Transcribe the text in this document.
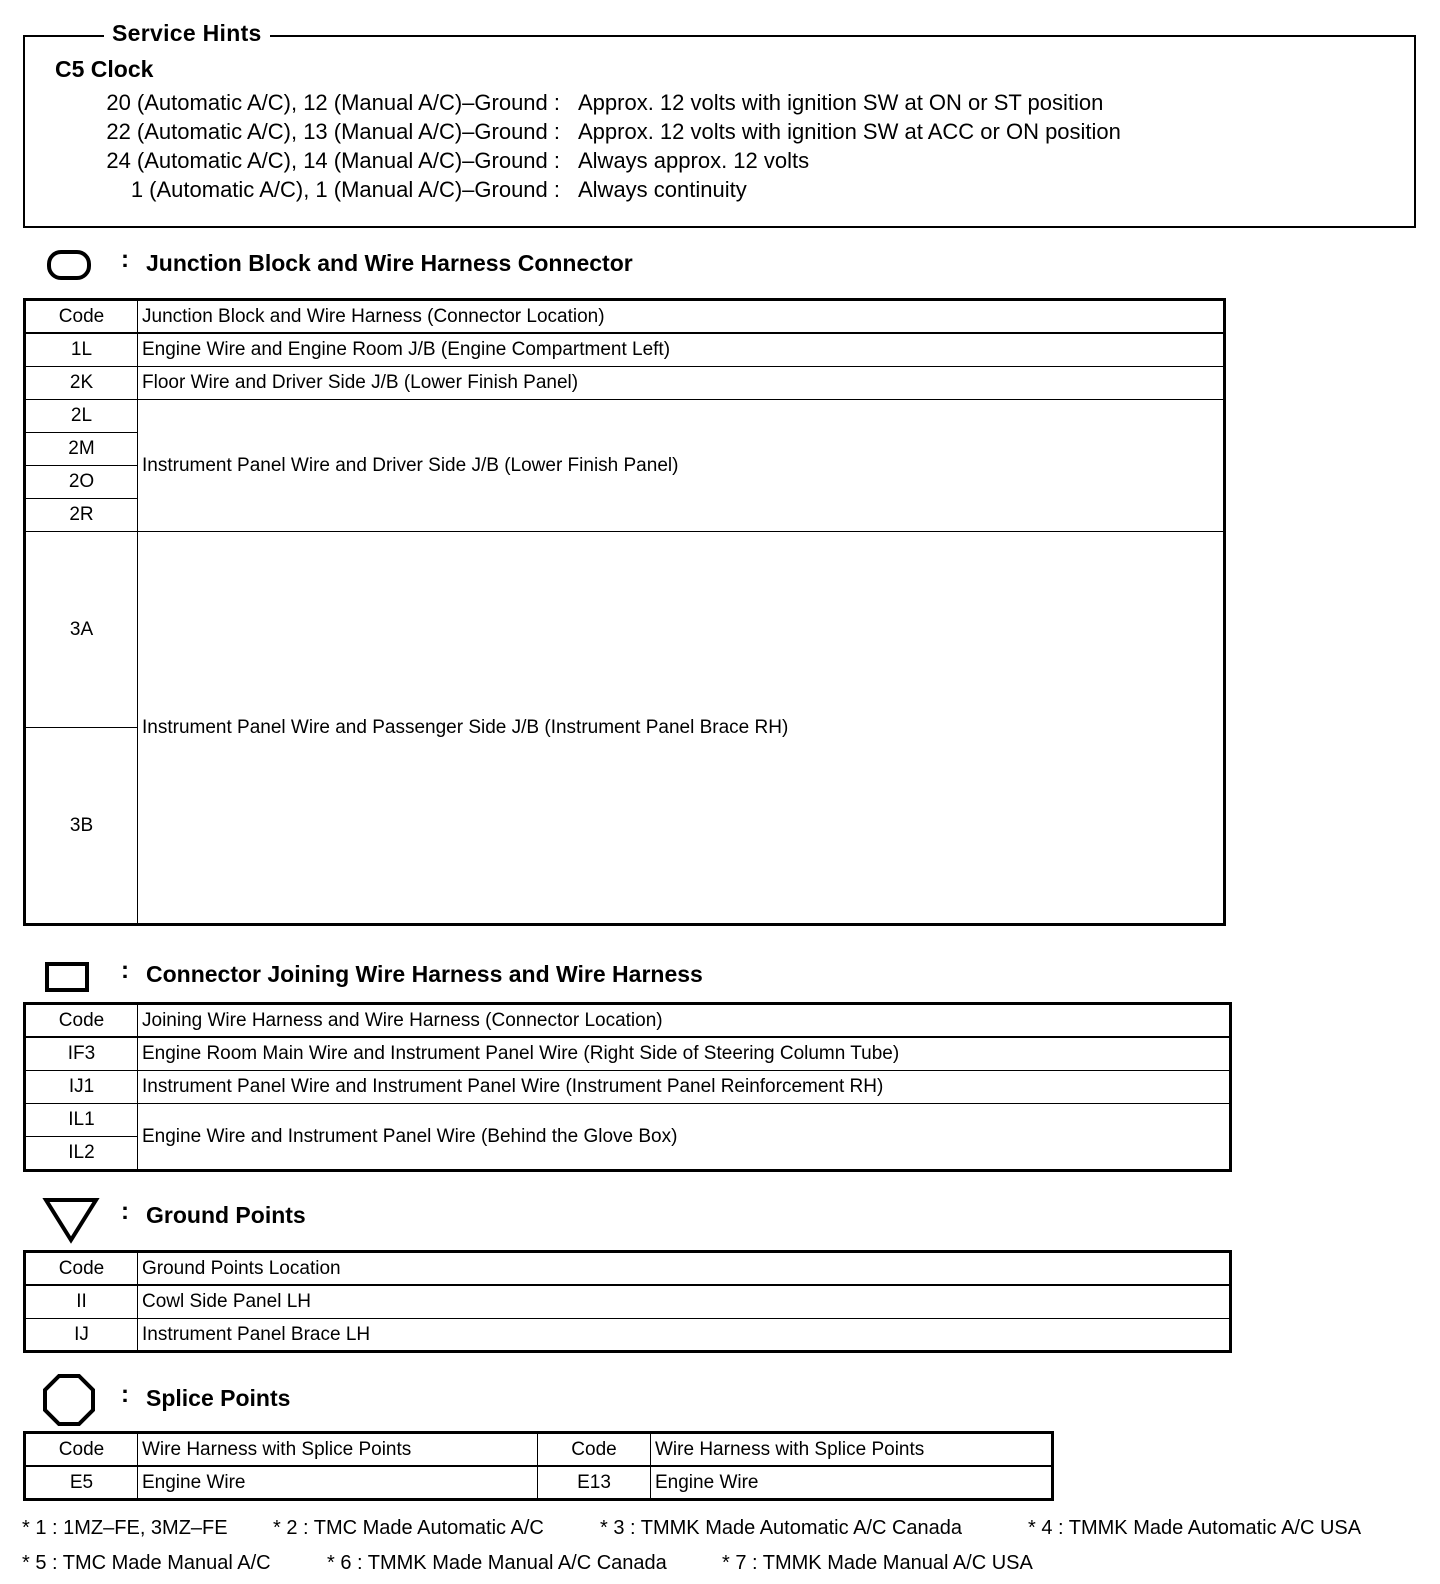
Service Hints
C5 Clock
20 (Automatic A/C), 12 (Manual A/C)–Ground : Approx. 12 volts with ignition SW at ON or ST position
22 (Automatic A/C), 13 (Manual A/C)–Ground : Approx. 12 volts with ignition SW at ACC or ON position
24 (Automatic A/C), 14 (Manual A/C)–Ground : Always approx. 12 volts
1 (Automatic A/C), 1 (Manual A/C)–Ground : Always continuity
: Junction Block and Wire Harness Connector
Code	Junction Block and Wire Harness (Connector Location)
1L	Engine Wire and Engine Room J/B (Engine Compartment Left)
2K	Floor Wire and Driver Side J/B (Lower Finish Panel)
2L	Instrument Panel Wire and Driver Side J/B (Lower Finish Panel)
2M	
2O	
2R	
3A	Instrument Panel Wire and Passenger Side J/B (Instrument Panel Brace RH)
3B	
: Connector Joining Wire Harness and Wire Harness
Code	Joining Wire Harness and Wire Harness (Connector Location)
IF3	Engine Room Main Wire and Instrument Panel Wire (Right Side of Steering Column Tube)
IJ1	Instrument Panel Wire and Instrument Panel Wire (Instrument Panel Reinforcement RH)
IL1	Engine Wire and Instrument Panel Wire (Behind the Glove Box)
IL2	
: Ground Points
Code	Ground Points Location
II	Cowl Side Panel LH
IJ	Instrument Panel Brace LH
: Splice Points
Code	Wire Harness with Splice Points	Code	Wire Harness with Splice Points
E5	Engine Wire	E13	Engine Wire
* 1 : 1MZ–FE, 3MZ–FE * 2 : TMC Made Automatic A/C	* 3 : TMMK Made Automatic A/C Canada	* 4 : TMMK Made Automatic A/C USA
* 5 : TMC Made Manual A/C	* 6 : TMMK Made Manual A/C Canada	* 7 : TMMK Made Manual A/C USA
